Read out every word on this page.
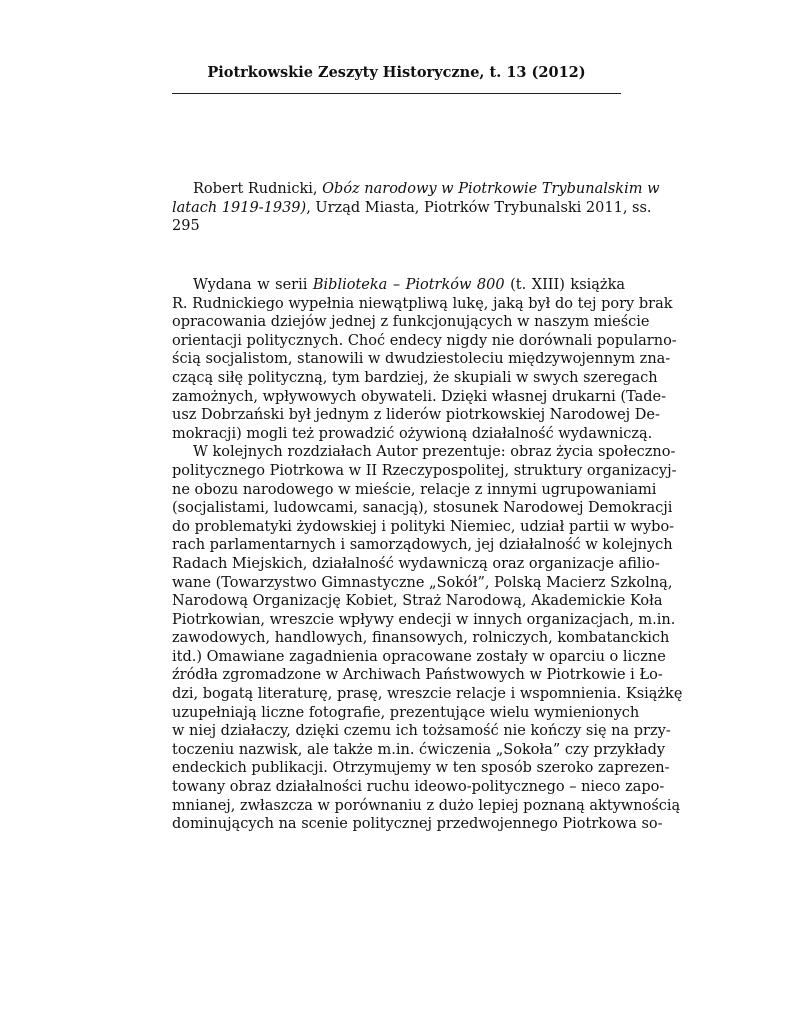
Piotrkowskie Zeszyty Historyczne, t. 13 (2012)
Robert Rudnicki, Obóz narodowy w Piotrkowie Trybunalskim w
latach 1919-1939), Urząd Miasta, Piotrków Trybunalski 2011, ss.
295
Wydana w serii Biblioteka – Piotrków 800 (t. XIII) książka
R. Rudnickiego wypełnia niewątpliwą lukę, jaką był do tej pory brak
opracowania dziejów jednej z funkcjonujących w naszym mieście
orientacji politycznych. Choć endecy nigdy nie dorównali popularno-
ścią socjalistom, stanowili w dwudziestoleciu międzywojennym zna-
czącą siłę polityczną, tym bardziej, że skupiali w swych szeregach
zamożnych, wpływowych obywateli. Dzięki własnej drukarni (Tade-
usz Dobrzański był jednym z liderów piotrkowskiej Narodowej De-
mokracji) mogli też prowadzić ożywioną działalność wydawniczą.
W kolejnych rozdziałach Autor prezentuje: obraz życia społeczno-
politycznego Piotrkowa w II Rzeczypospolitej, struktury organizacyj-
ne obozu narodowego w mieście, relacje z innymi ugrupowaniami
(socjalistami, ludowcami, sanacją), stosunek Narodowej Demokracji
do problematyki żydowskiej i polityki Niemiec, udział partii w wybo-
rach parlamentarnych i samorządowych, jej działalność w kolejnych
Radach Miejskich, działalność wydawniczą oraz organizacje afilio-
wane (Towarzystwo Gimnastyczne „Sokół”, Polską Macierz Szkolną,
Narodową Organizację Kobiet, Straż Narodową, Akademickie Koła
Piotrkowian, wreszcie wpływy endecji w innych organizacjach, m.in.
zawodowych, handlowych, finansowych, rolniczych, kombatanckich
itd.) Omawiane zagadnienia opracowane zostały w oparciu o liczne
źródła zgromadzone w Archiwach Państwowych w Piotrkowie i Ło-
dzi, bogatą literaturę, prasę, wreszcie relacje i wspomnienia. Książkę
uzupełniają liczne fotografie, prezentujące wielu wymienionych
w niej działaczy, dzięki czemu ich tożsamość nie kończy się na przy-
toczeniu nazwisk, ale także m.in. ćwiczenia „Sokoła” czy przykłady
endeckich publikacji. Otrzymujemy w ten sposób szeroko zaprezen-
towany obraz działalności ruchu ideowo-politycznego – nieco zapo-
mnianej, zwłaszcza w porównaniu z dużo lepiej poznaną aktywnością
dominujących na scenie politycznej przedwojennego Piotrkowa so-
